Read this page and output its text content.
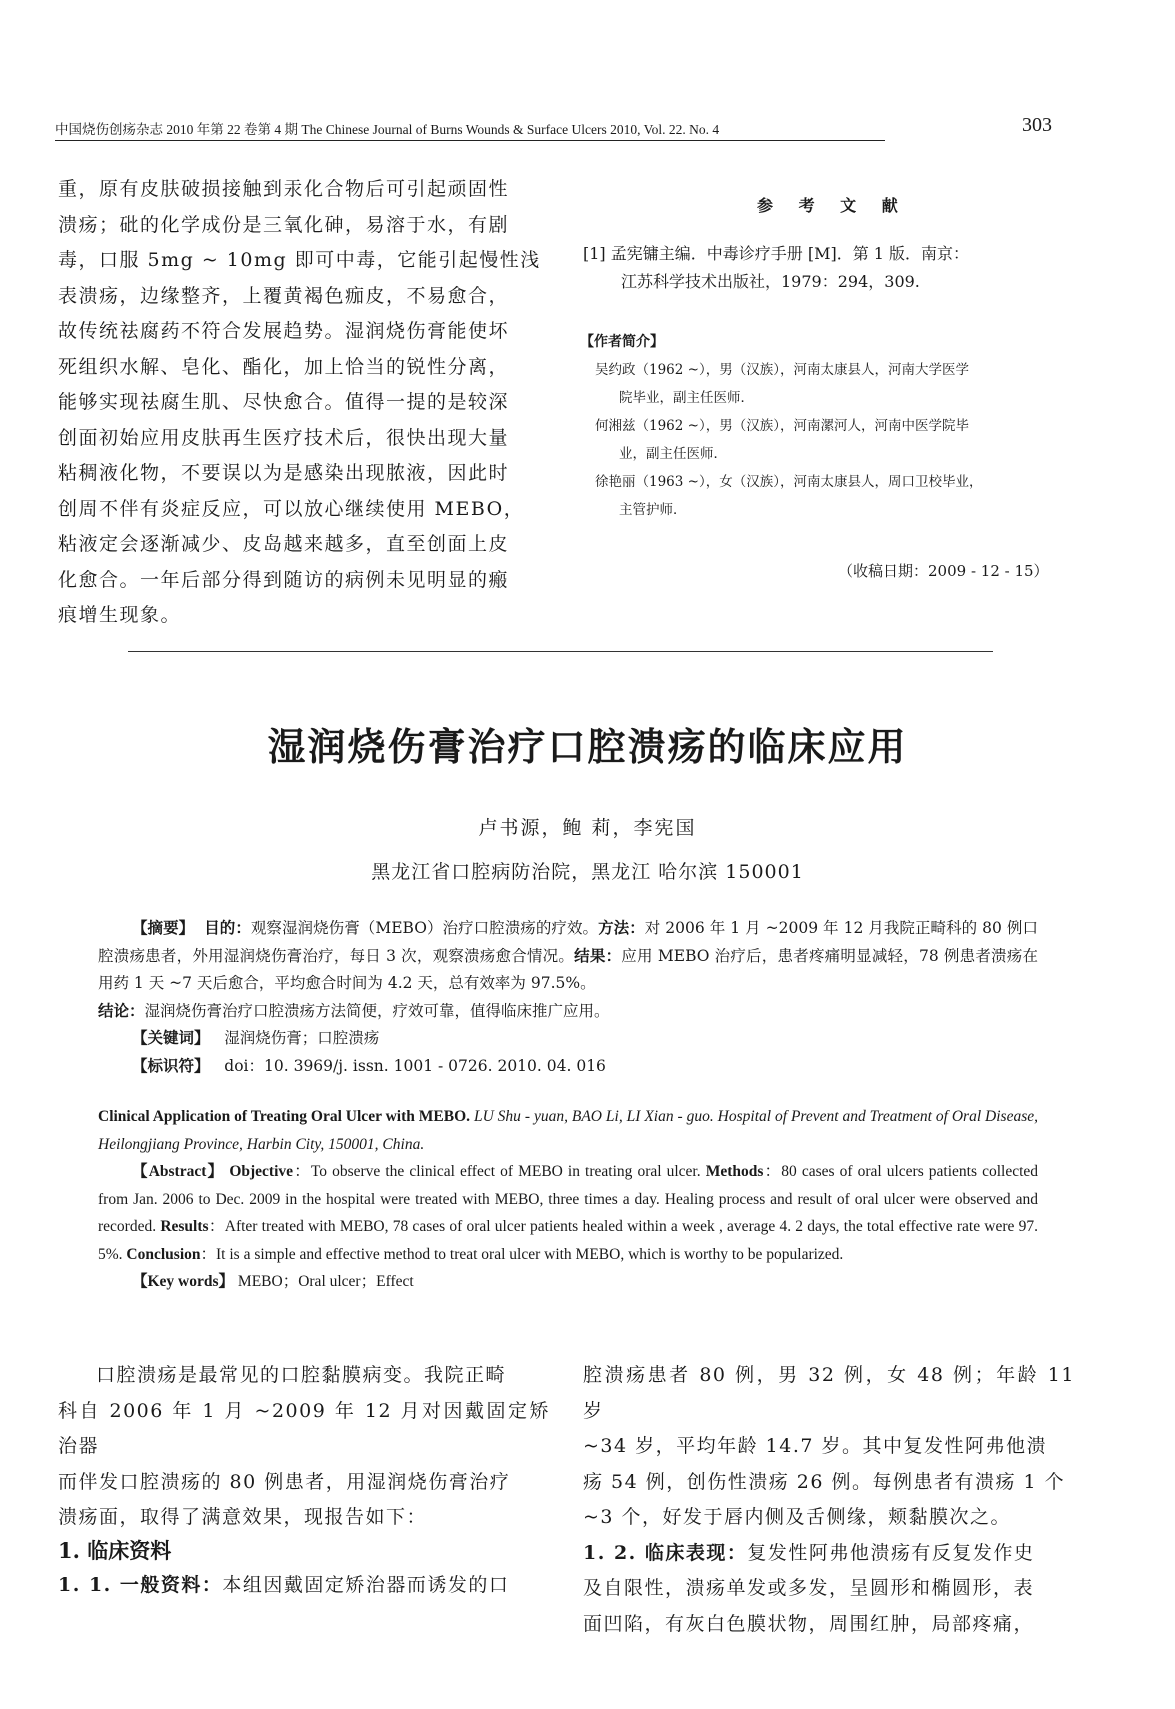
中国烧伤创疡杂志 2010 年第 22 卷第 4 期 The Chinese Journal of Burns Wounds & Surface Ulcers 2010, Vol. 22. No. 4	303
重，原有皮肤破损接触到汞化合物后可引起顽固性
溃疡；砒的化学成份是三氧化砷，易溶于水，有剧
毒，口服 5mg ~ 10mg 即可中毒，它能引起慢性浅
表溃疡，边缘整齐，上覆黄褐色痂皮，不易愈合，
故传统祛腐药不符合发展趋势。湿润烧伤膏能使坏
死组织水解、皂化、酯化，加上恰当的锐性分离，
能够实现祛腐生肌、尽快愈合。值得一提的是较深
创面初始应用皮肤再生医疗技术后，很快出现大量
粘稠液化物，不要误以为是感染出现脓液，因此时
创周不伴有炎症反应，可以放心继续使用 MEBO，
粘液定会逐渐减少、皮岛越来越多，直至创面上皮
化愈合。一年后部分得到随访的病例未见明显的瘢
痕增生现象。
参 考 文 献
[1] 孟宪镛主编．中毒诊疗手册 [M]．第 1 版．南京：
江苏科学技术出版社，1979：294，309.
【作者简介】
吴约政（1962 ~），男（汉族），河南太康县人，河南大学医学
院毕业，副主任医师．
何湘兹（1962 ~），男（汉族），河南漯河人，河南中医学院毕
业，副主任医师．
徐艳丽（1963 ~），女（汉族），河南太康县人，周口卫校毕业，
主管护师．
（收稿日期：2009 - 12 - 15）
湿润烧伤膏治疗口腔溃疡的临床应用
卢书源，鲍 莉，李宪国
黑龙江省口腔病防治院，黑龙江 哈尔滨 150001
【摘要】 目的：观察湿润烧伤膏（MEBO）治疗口腔溃疡的疗效。方法：对 2006 年 1 月 ~2009 年 12 月我院正畸科的 80 例口腔溃疡患者，外用湿润烧伤膏治疗，每日 3 次，观察溃疡愈合情况。结果：应用 MEBO 治疗后，患者疼痛明显减轻，78 例患者溃疡在用药 1 天 ~7 天后愈合，平均愈合时间为 4.2 天，总有效率为 97.5%。
结论：湿润烧伤膏治疗口腔溃疡方法简便，疗效可靠，值得临床推广应用。
【关键词】 湿润烧伤膏；口腔溃疡
【标识符】 doi：10. 3969/j. issn. 1001 - 0726. 2010. 04. 016
Clinical Application of Treating Oral Ulcer with MEBO. LU Shu - yuan, BAO Li, LI Xian - guo. Hospital of Prevent and Treatment of Oral Disease, Heilongjiang Province, Harbin City, 150001, China.
【Abstract】 Objective：To observe the clinical effect of MEBO in treating oral ulcer. Methods：80 cases of oral ulcers patients collected from Jan. 2006 to Dec. 2009 in the hospital were treated with MEBO, three times a day. Healing process and result of oral ulcer were observed and recorded. Results：After treated with MEBO, 78 cases of oral ulcer patients healed within a week , average 4. 2 days, the total effective rate were 97. 5%. Conclusion：It is a simple and effective method to treat oral ulcer with MEBO, which is worthy to be popularized.
【Key words】 MEBO；Oral ulcer；Effect
口腔溃疡是最常见的口腔黏膜病变。我院正畸
科自 2006 年 1 月 ~2009 年 12 月对因戴固定矫治器
而伴发口腔溃疡的 80 例患者，用湿润烧伤膏治疗
溃疡面，取得了满意效果，现报告如下：
1. 临床资料
1. 1. 一般资料：本组因戴固定矫治器而诱发的口
腔溃疡患者 80 例，男 32 例，女 48 例；年龄 11 岁
~34 岁，平均年龄 14.7 岁。其中复发性阿弗他溃
疡 54 例，创伤性溃疡 26 例。每例患者有溃疡 1 个
~3 个，好发于唇内侧及舌侧缘，颊黏膜次之。
1. 2. 临床表现：复发性阿弗他溃疡有反复发作史
及自限性，溃疡单发或多发，呈圆形和椭圆形，表
面凹陷，有灰白色膜状物，周围红肿，局部疼痛，
